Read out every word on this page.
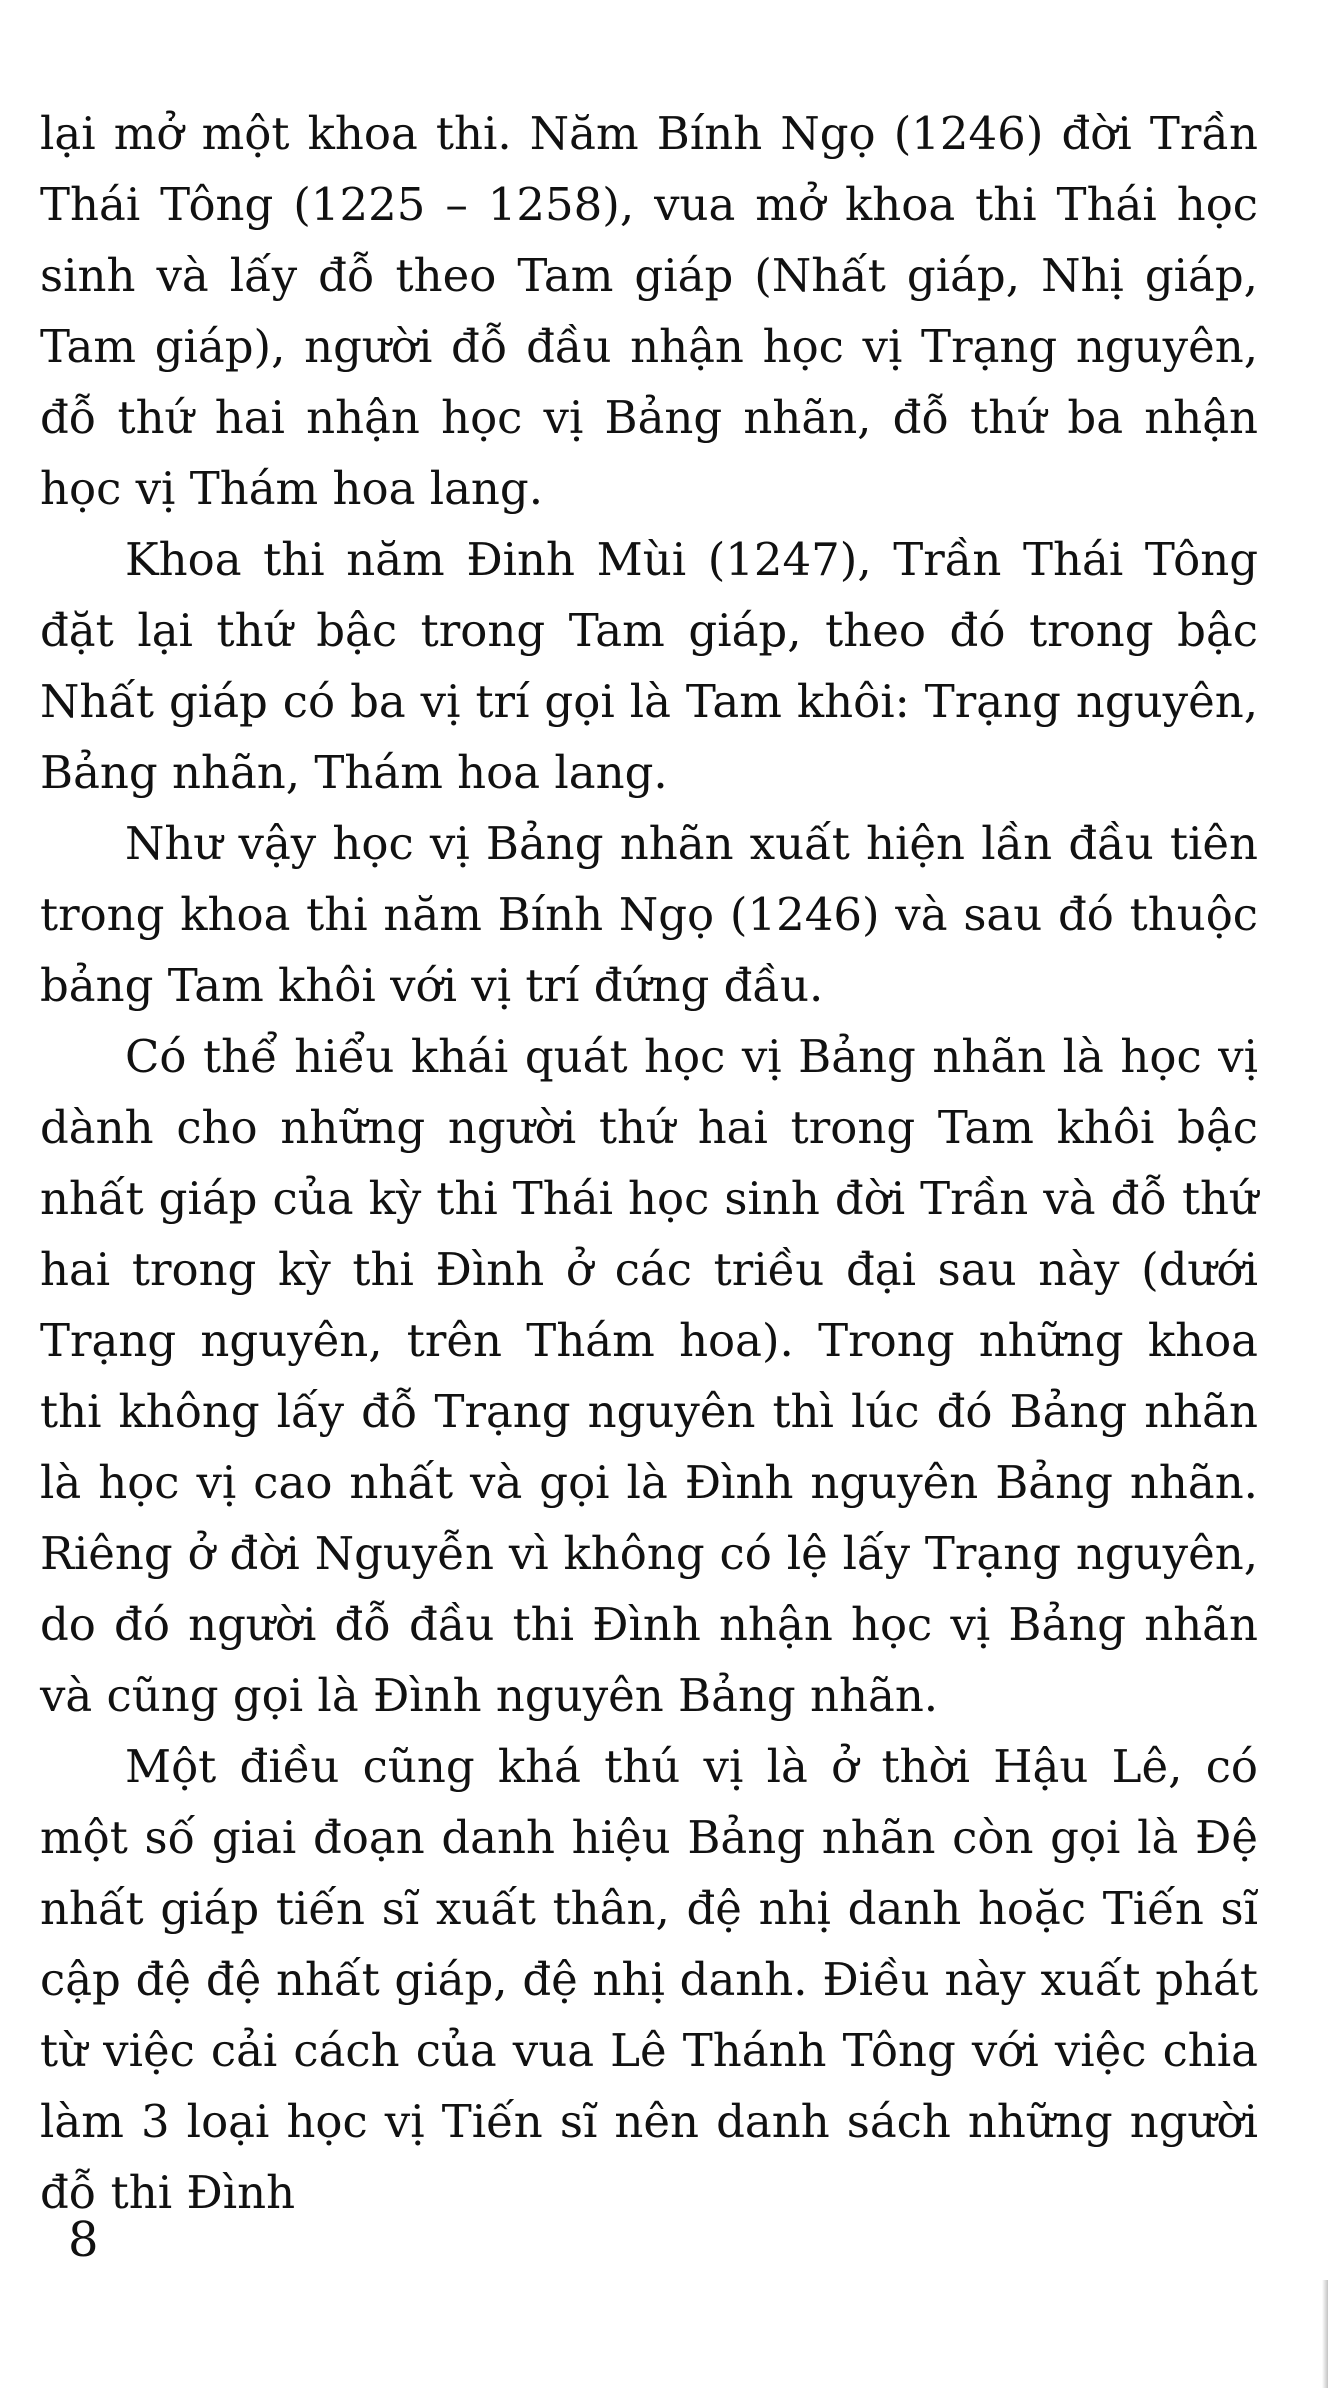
lại mở một khoa thi. Năm Bính Ngọ (1246) đời Trần Thái Tông (1225 – 1258), vua mở khoa thi Thái học sinh và lấy đỗ theo Tam giáp (Nhất giáp, Nhị giáp, Tam giáp), người đỗ đầu nhận học vị Trạng nguyên, đỗ thứ hai nhận học vị Bảng nhãn, đỗ thứ ba nhận học vị Thám hoa lang.

Khoa thi năm Đinh Mùi (1247), Trần Thái Tông đặt lại thứ bậc trong Tam giáp, theo đó trong bậc Nhất giáp có ba vị trí gọi là Tam khôi: Trạng nguyên, Bảng nhãn, Thám hoa lang.

Như vậy học vị Bảng nhãn xuất hiện lần đầu tiên trong khoa thi năm Bính Ngọ (1246) và sau đó thuộc bảng Tam khôi với vị trí đứng đầu.

Có thể hiểu khái quát học vị Bảng nhãn là học vị dành cho những người thứ hai trong Tam khôi bậc nhất giáp của kỳ thi Thái học sinh đời Trần và đỗ thứ hai trong kỳ thi Đình ở các triều đại sau này (dưới Trạng nguyên, trên Thám hoa). Trong những khoa thi không lấy đỗ Trạng nguyên thì lúc đó Bảng nhãn là học vị cao nhất và gọi là Đình nguyên Bảng nhãn. Riêng ở đời Nguyễn vì không có lệ lấy Trạng nguyên, do đó người đỗ đầu thi Đình nhận học vị Bảng nhãn và cũng gọi là Đình nguyên Bảng nhãn.

Một điều cũng khá thú vị là ở thời Hậu Lê, có một số giai đoạn danh hiệu Bảng nhãn còn gọi là Đệ nhất giáp tiến sĩ xuất thân, đệ nhị danh hoặc Tiến sĩ cập đệ đệ nhất giáp, đệ nhị danh. Điều này xuất phát từ việc cải cách của vua Lê Thánh Tông với việc chia làm 3 loại học vị Tiến sĩ nên danh sách những người đỗ thi Đình

8
